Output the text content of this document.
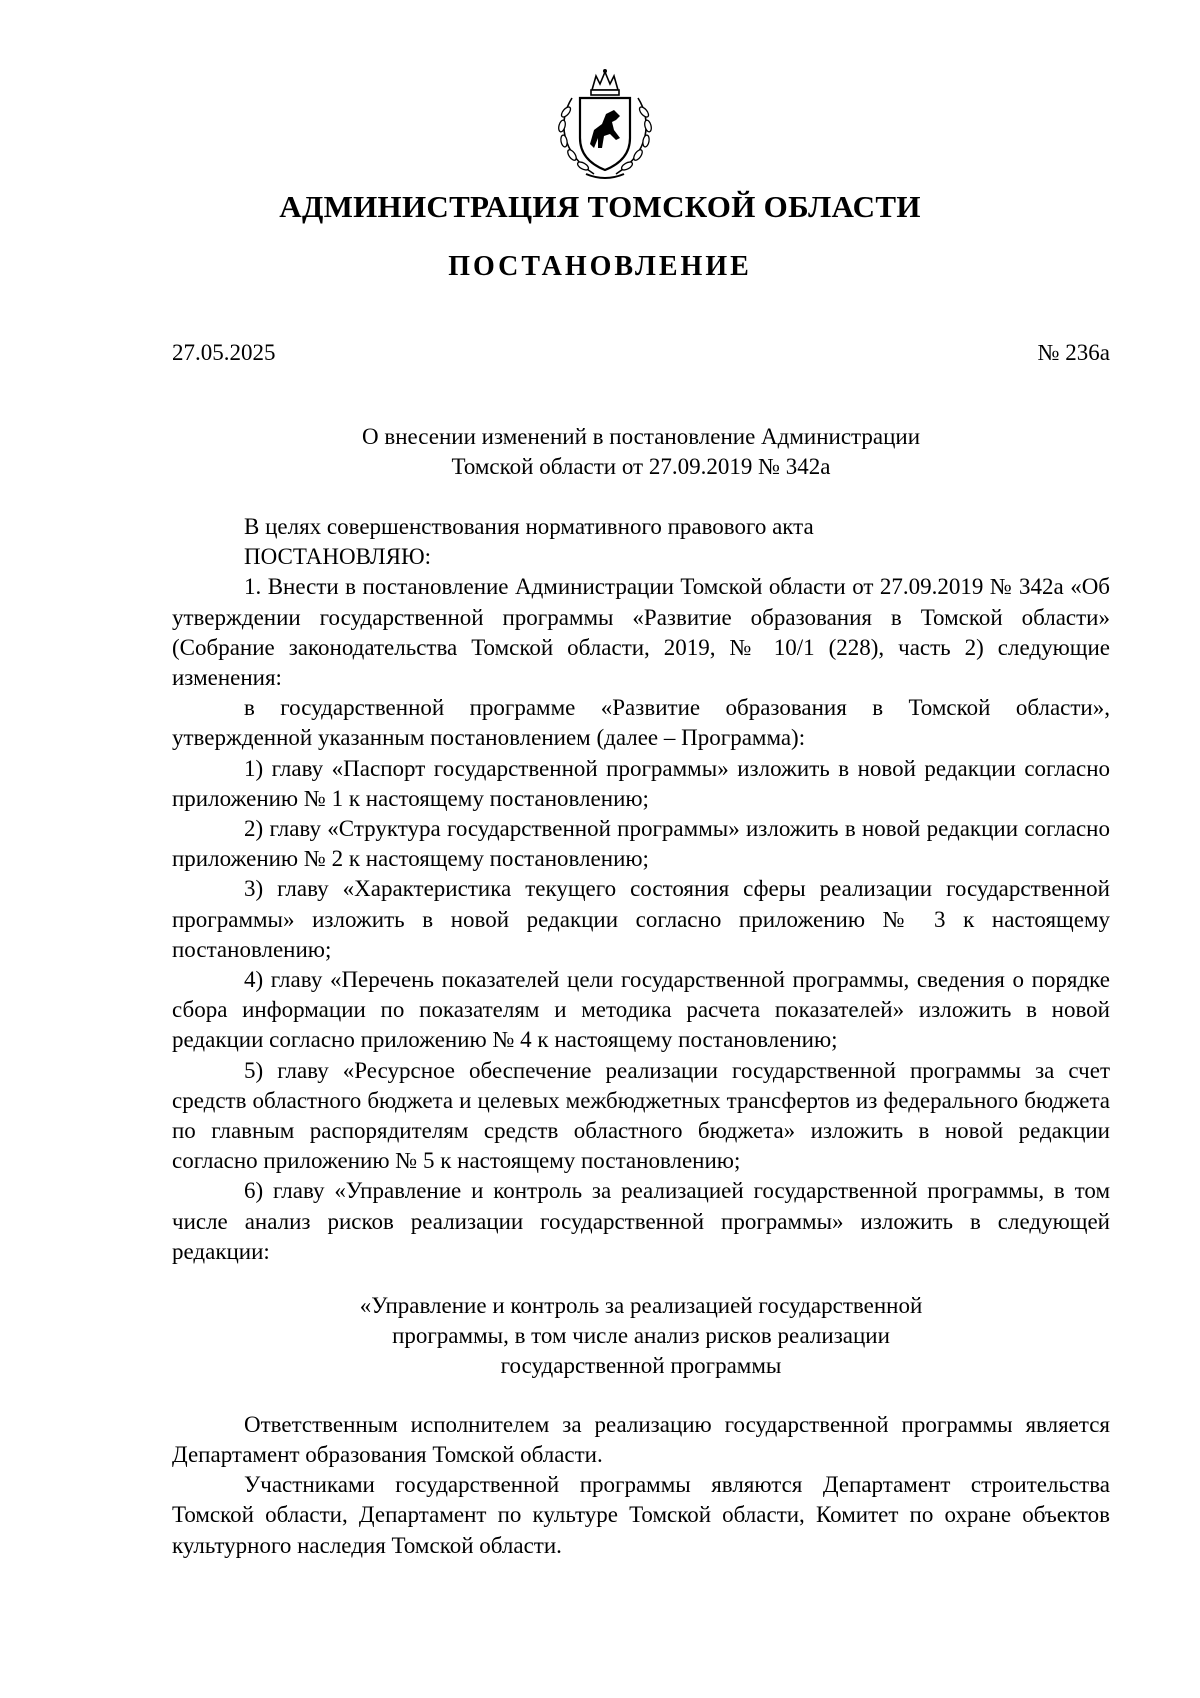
АДМИНИСТРАЦИЯ ТОМСКОЙ ОБЛАСТИ
ПОСТАНОВЛЕНИЕ
27.05.2025	№ 236а
О внесении изменений в постановление Администрации
Томской области от 27.09.2019 № 342а

В целях совершенствования нормативного правового акта

ПОСТАНОВЛЯЮ:

1. Внести в постановление Администрации Томской области от 27.09.2019 № 342а «Об утверждении государственной программы «Развитие образования в Томской области» (Собрание законодательства Томской области, 2019, № 10/1 (228), часть 2) следующие изменения:

в государственной программе «Развитие образования в Томской области», утвержденной указанным постановлением (далее – Программа):

1) главу «Паспорт государственной программы» изложить в новой редакции согласно приложению № 1 к настоящему постановлению;

2) главу «Структура государственной программы» изложить в новой редакции согласно приложению № 2 к настоящему постановлению;

3) главу «Характеристика текущего состояния сферы реализации государственной программы» изложить в новой редакции согласно приложению № 3 к настоящему постановлению;

4) главу «Перечень показателей цели государственной программы, сведения о порядке сбора информации по показателям и методика расчета показателей» изложить в новой редакции согласно приложению № 4 к настоящему постановлению;

5) главу «Ресурсное обеспечение реализации государственной программы за счет средств областного бюджета и целевых межбюджетных трансфертов из федерального бюджета по главным распорядителям средств областного бюджета» изложить в новой редакции согласно приложению № 5 к настоящему постановлению;

6) главу «Управление и контроль за реализацией государственной программы, в том числе анализ рисков реализации государственной программы» изложить в следующей редакции:

«Управление и контроль за реализацией государственной программы, в том числе анализ рисков реализации государственной программы

Ответственным исполнителем за реализацию государственной программы является Департамент образования Томской области.

Участниками государственной программы являются Департамент строительства Томской области, Департамент по культуре Томской области, Комитет по охране объектов культурного наследия Томской области.
